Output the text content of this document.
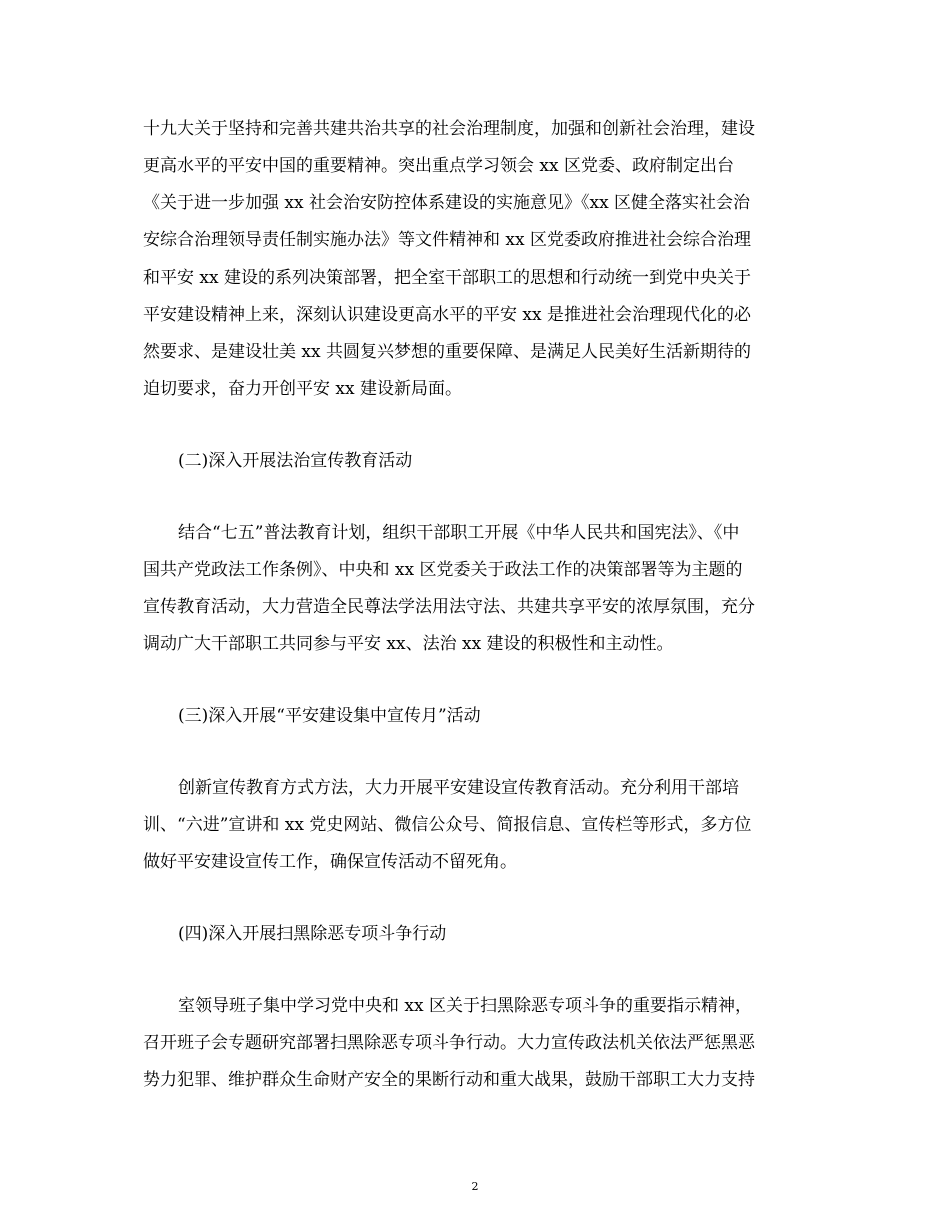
十九大关于坚持和完善共建共治共享的社会治理制度，加强和创新社会治理，建设
更高水平的平安中国的重要精神。突出重点学习领会 xx 区党委、政府制定出台
《关于进一步加强 xx 社会治安防控体系建设的实施意见》《xx 区健全落实社会治
安综合治理领导责任制实施办法》等文件精神和 xx 区党委政府推进社会综合治理
和平安 xx 建设的系列决策部署，把全室干部职工的思想和行动统一到党中央关于
平安建设精神上来，深刻认识建设更高水平的平安 xx 是推进社会治理现代化的必
然要求、是建设壮美 xx 共圆复兴梦想的重要保障、是满足人民美好生活新期待的
迫切要求，奋力开创平安 xx 建设新局面。
(二)深入开展法治宣传教育活动
结合“七五”普法教育计划，组织干部职工开展《中华人民共和国宪法》、《中
国共产党政法工作条例》、中央和 xx 区党委关于政法工作的决策部署等为主题的
宣传教育活动，大力营造全民尊法学法用法守法、共建共享平安的浓厚氛围，充分
调动广大干部职工共同参与平安 xx、法治 xx 建设的积极性和主动性。
(三)深入开展“平安建设集中宣传月”活动
创新宣传教育方式方法，大力开展平安建设宣传教育活动。充分利用干部培
训、“六进”宣讲和 xx 党史网站、微信公众号、简报信息、宣传栏等形式，多方位
做好平安建设宣传工作，确保宣传活动不留死角。
(四)深入开展扫黑除恶专项斗争行动
室领导班子集中学习党中央和 xx 区关于扫黑除恶专项斗争的重要指示精神，
召开班子会专题研究部署扫黑除恶专项斗争行动。大力宣传政法机关依法严惩黑恶
势力犯罪、维护群众生命财产安全的果断行动和重大战果，鼓励干部职工大力支持
2
